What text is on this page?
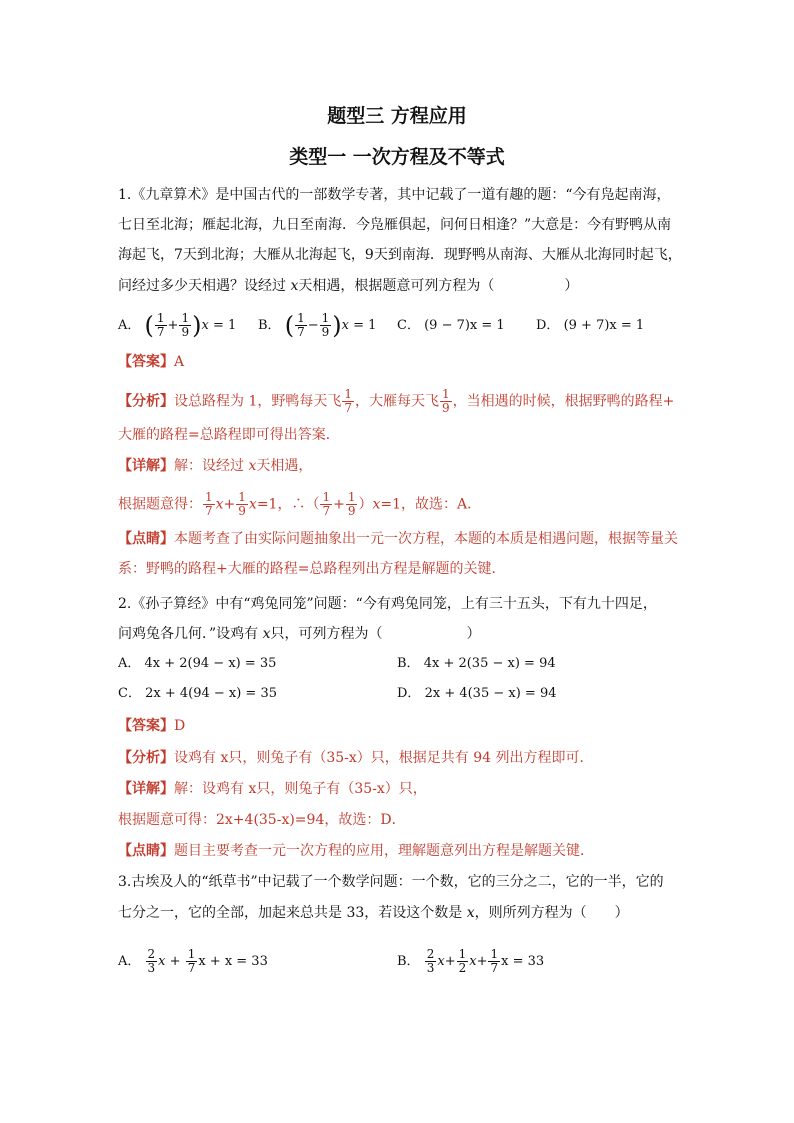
题型三 方程应用
类型一 一次方程及不等式
1.《九章算术》是中国古代的一部数学专著，其中记载了一道有趣的题：“今有凫起南海，
七日至北海；雁起北海，九日至南海．今凫雁俱起，问何日相逢？”大意是：今有野鸭从南
海起飞，7天到北海；大雁从北海起飞，9天到南海．现野鸭从南海、大雁从北海同时起飞，
问经过多少天相遇？设经过 x天相遇，根据题意可列方程为（　　　　　）
A． ( $\frac{1}{7} + \frac{1}{9} )x = 1$ B． ( $\frac{1}{7} - \frac{1}{9} )x = 1$ C． (9 − 7)x = 1 D． (9 + 7)x = 1
【答案】A
【分析】设总路程为 1，野鸭每天飞 $\frac{1}{7}$ ，大雁每天飞 $\frac{1}{9}$ ，当相遇的时候，根据野鸭的路程+
大雁的路程=总路程即可得出答案．
【详解】解：设经过 x天相遇，
根据题意得： $\frac{1}{7} x+ \frac{1}{9} x=1$，∴（ $\frac{1}{7} + \frac{1}{9} )x=1$，故选：A．
【点睛】本题考查了由实际问题抽象出一元一次方程，本题的本质是相遇问题，根据等量关
系：野鸭的路程+大雁的路程=总路程列出方程是解题的关键．
2.《孙子算经》中有“鸡兔同笼”问题：“今有鸡兔同笼，上有三十五头，下有九十四足，
问鸡兔各几何．”设鸡有 x只，可列方程为（　　　　　　）
A． 4x + 2(94 − x) = 35	B． 4x + 2(35 − x) = 94
C． 2x + 4(94 − x) = 35	D． 2x + 4(35 − x) = 94
【答案】D
【分析】设鸡有 x只，则兔子有（35-x）只，根据足共有 94 列出方程即可．
【详解】解：设鸡有 x只，则兔子有（35-x）只，
根据题意可得：2x+4(35-x)=94，故选：D．
【点睛】题目主要考查一元一次方程的应用，理解题意列出方程是解题关键．
3.古埃及人的“纸草书”中记载了一个数学问题：一个数，它的三分之二，它的一半，它的
七分之一，它的全部，加起来总共是 33，若设这个数是 x，则所列方程为（　　）
A． $\frac{2}{3}$ $x + \frac{1}{7}$ x + x = 33	B． $\frac{2}{3} x+ \frac{1}{2} x+ \frac{1}{7}$ x = 33
